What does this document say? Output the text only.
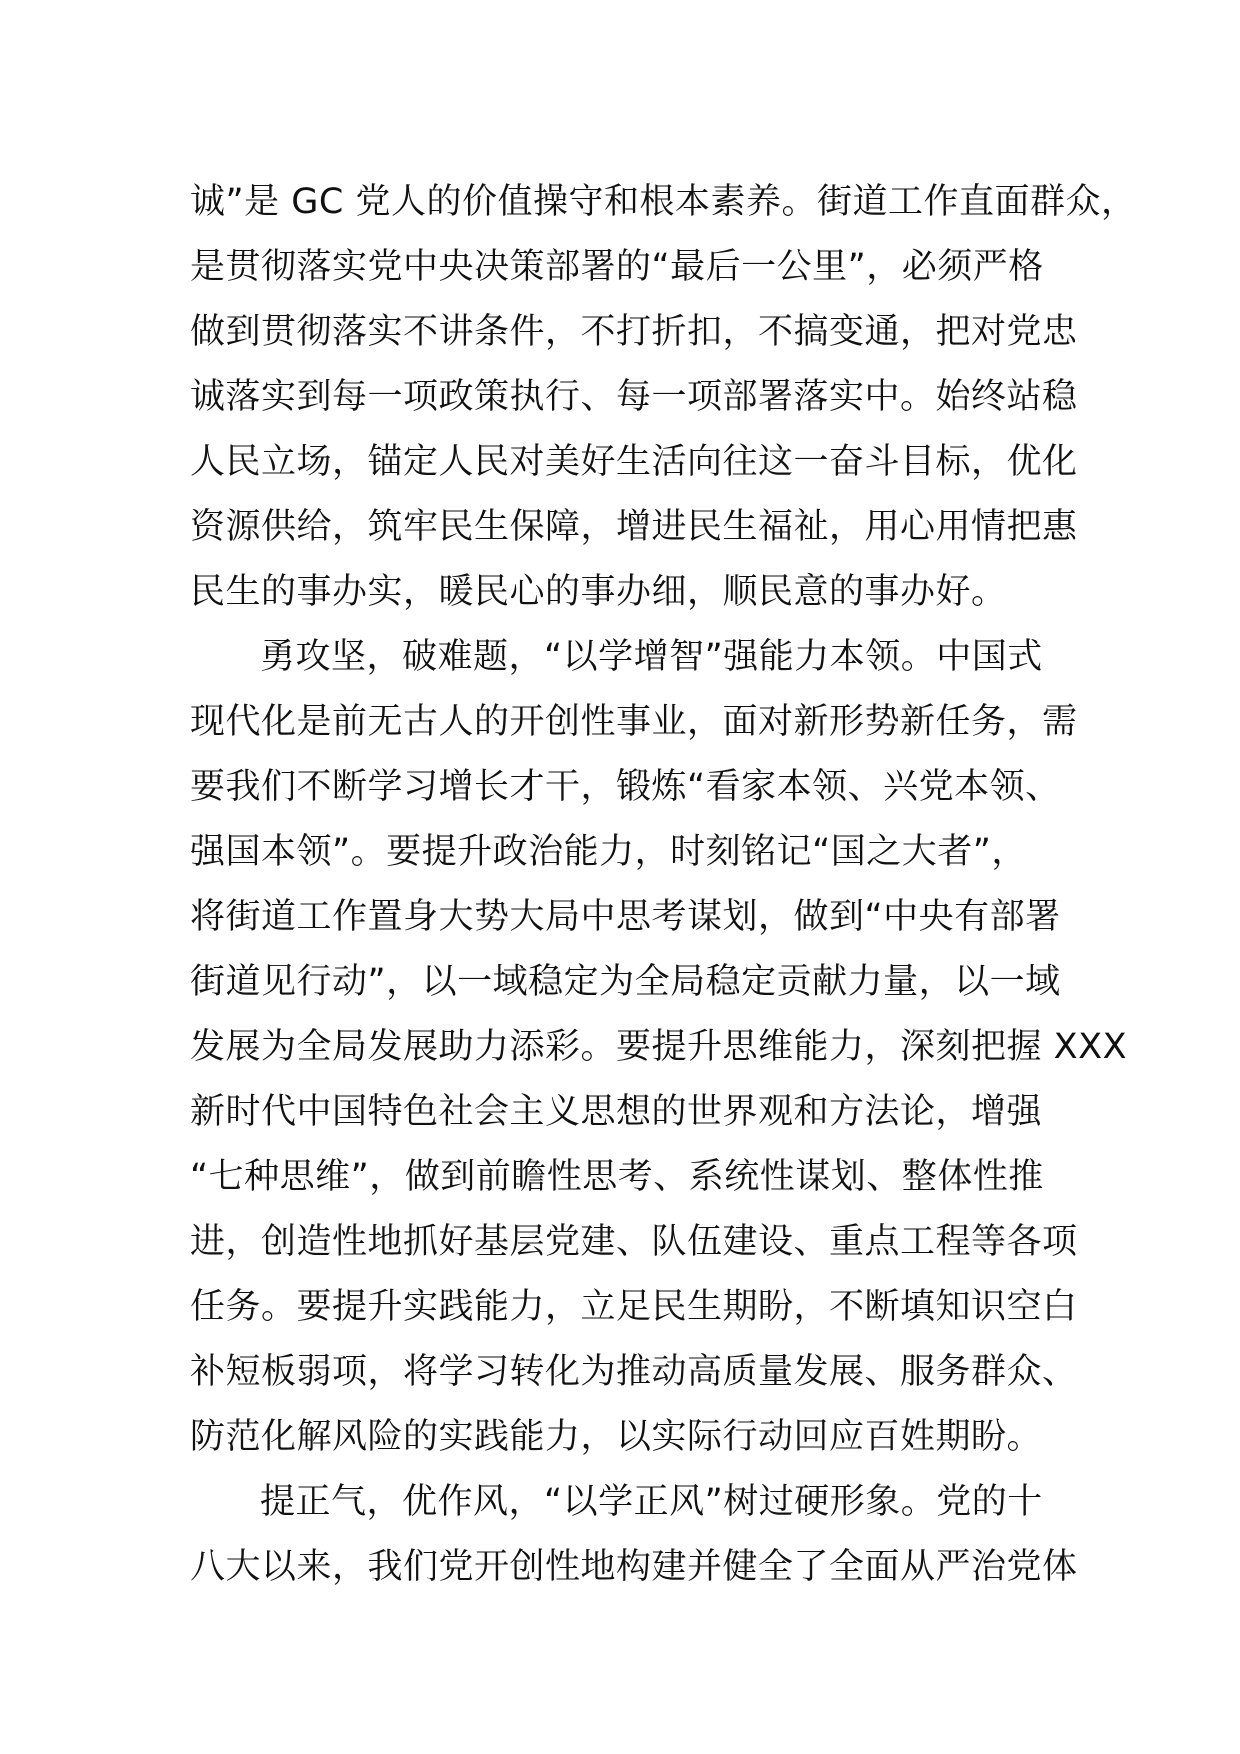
诚”是 GC 党人的价值操守和根本素养。街道工作直面群众，
是贯彻落实党中央决策部署的“最后一公里”，必须严格
做到贯彻落实不讲条件，不打折扣，不搞变通，把对党忠
诚落实到每一项政策执行、每一项部署落实中。始终站稳
人民立场，锚定人民对美好生活向往这一奋斗目标，优化
资源供给，筑牢民生保障，增进民生福祉，用心用情把惠
民生的事办实，暖民心的事办细，顺民意的事办好。
勇攻坚，破难题，“以学增智”强能力本领。中国式
现代化是前无古人的开创性事业，面对新形势新任务，需
要我们不断学习增长才干，锻炼“看家本领、兴党本领、
强国本领”。要提升政治能力，时刻铭记“国之大者”，
将街道工作置身大势大局中思考谋划，做到“中央有部署
街道见行动”，以一域稳定为全局稳定贡献力量，以一域
发展为全局发展助力添彩。要提升思维能力，深刻把握 XXX
新时代中国特色社会主义思想的世界观和方法论，增强
“七种思维”，做到前瞻性思考、系统性谋划、整体性推
进，创造性地抓好基层党建、队伍建设、重点工程等各项
任务。要提升实践能力，立足民生期盼，不断填知识空白
补短板弱项，将学习转化为推动高质量发展、服务群众、
防范化解风险的实践能力，以实际行动回应百姓期盼。
提正气，优作风，“以学正风”树过硬形象。党的十
八大以来，我们党开创性地构建并健全了全面从严治党体
